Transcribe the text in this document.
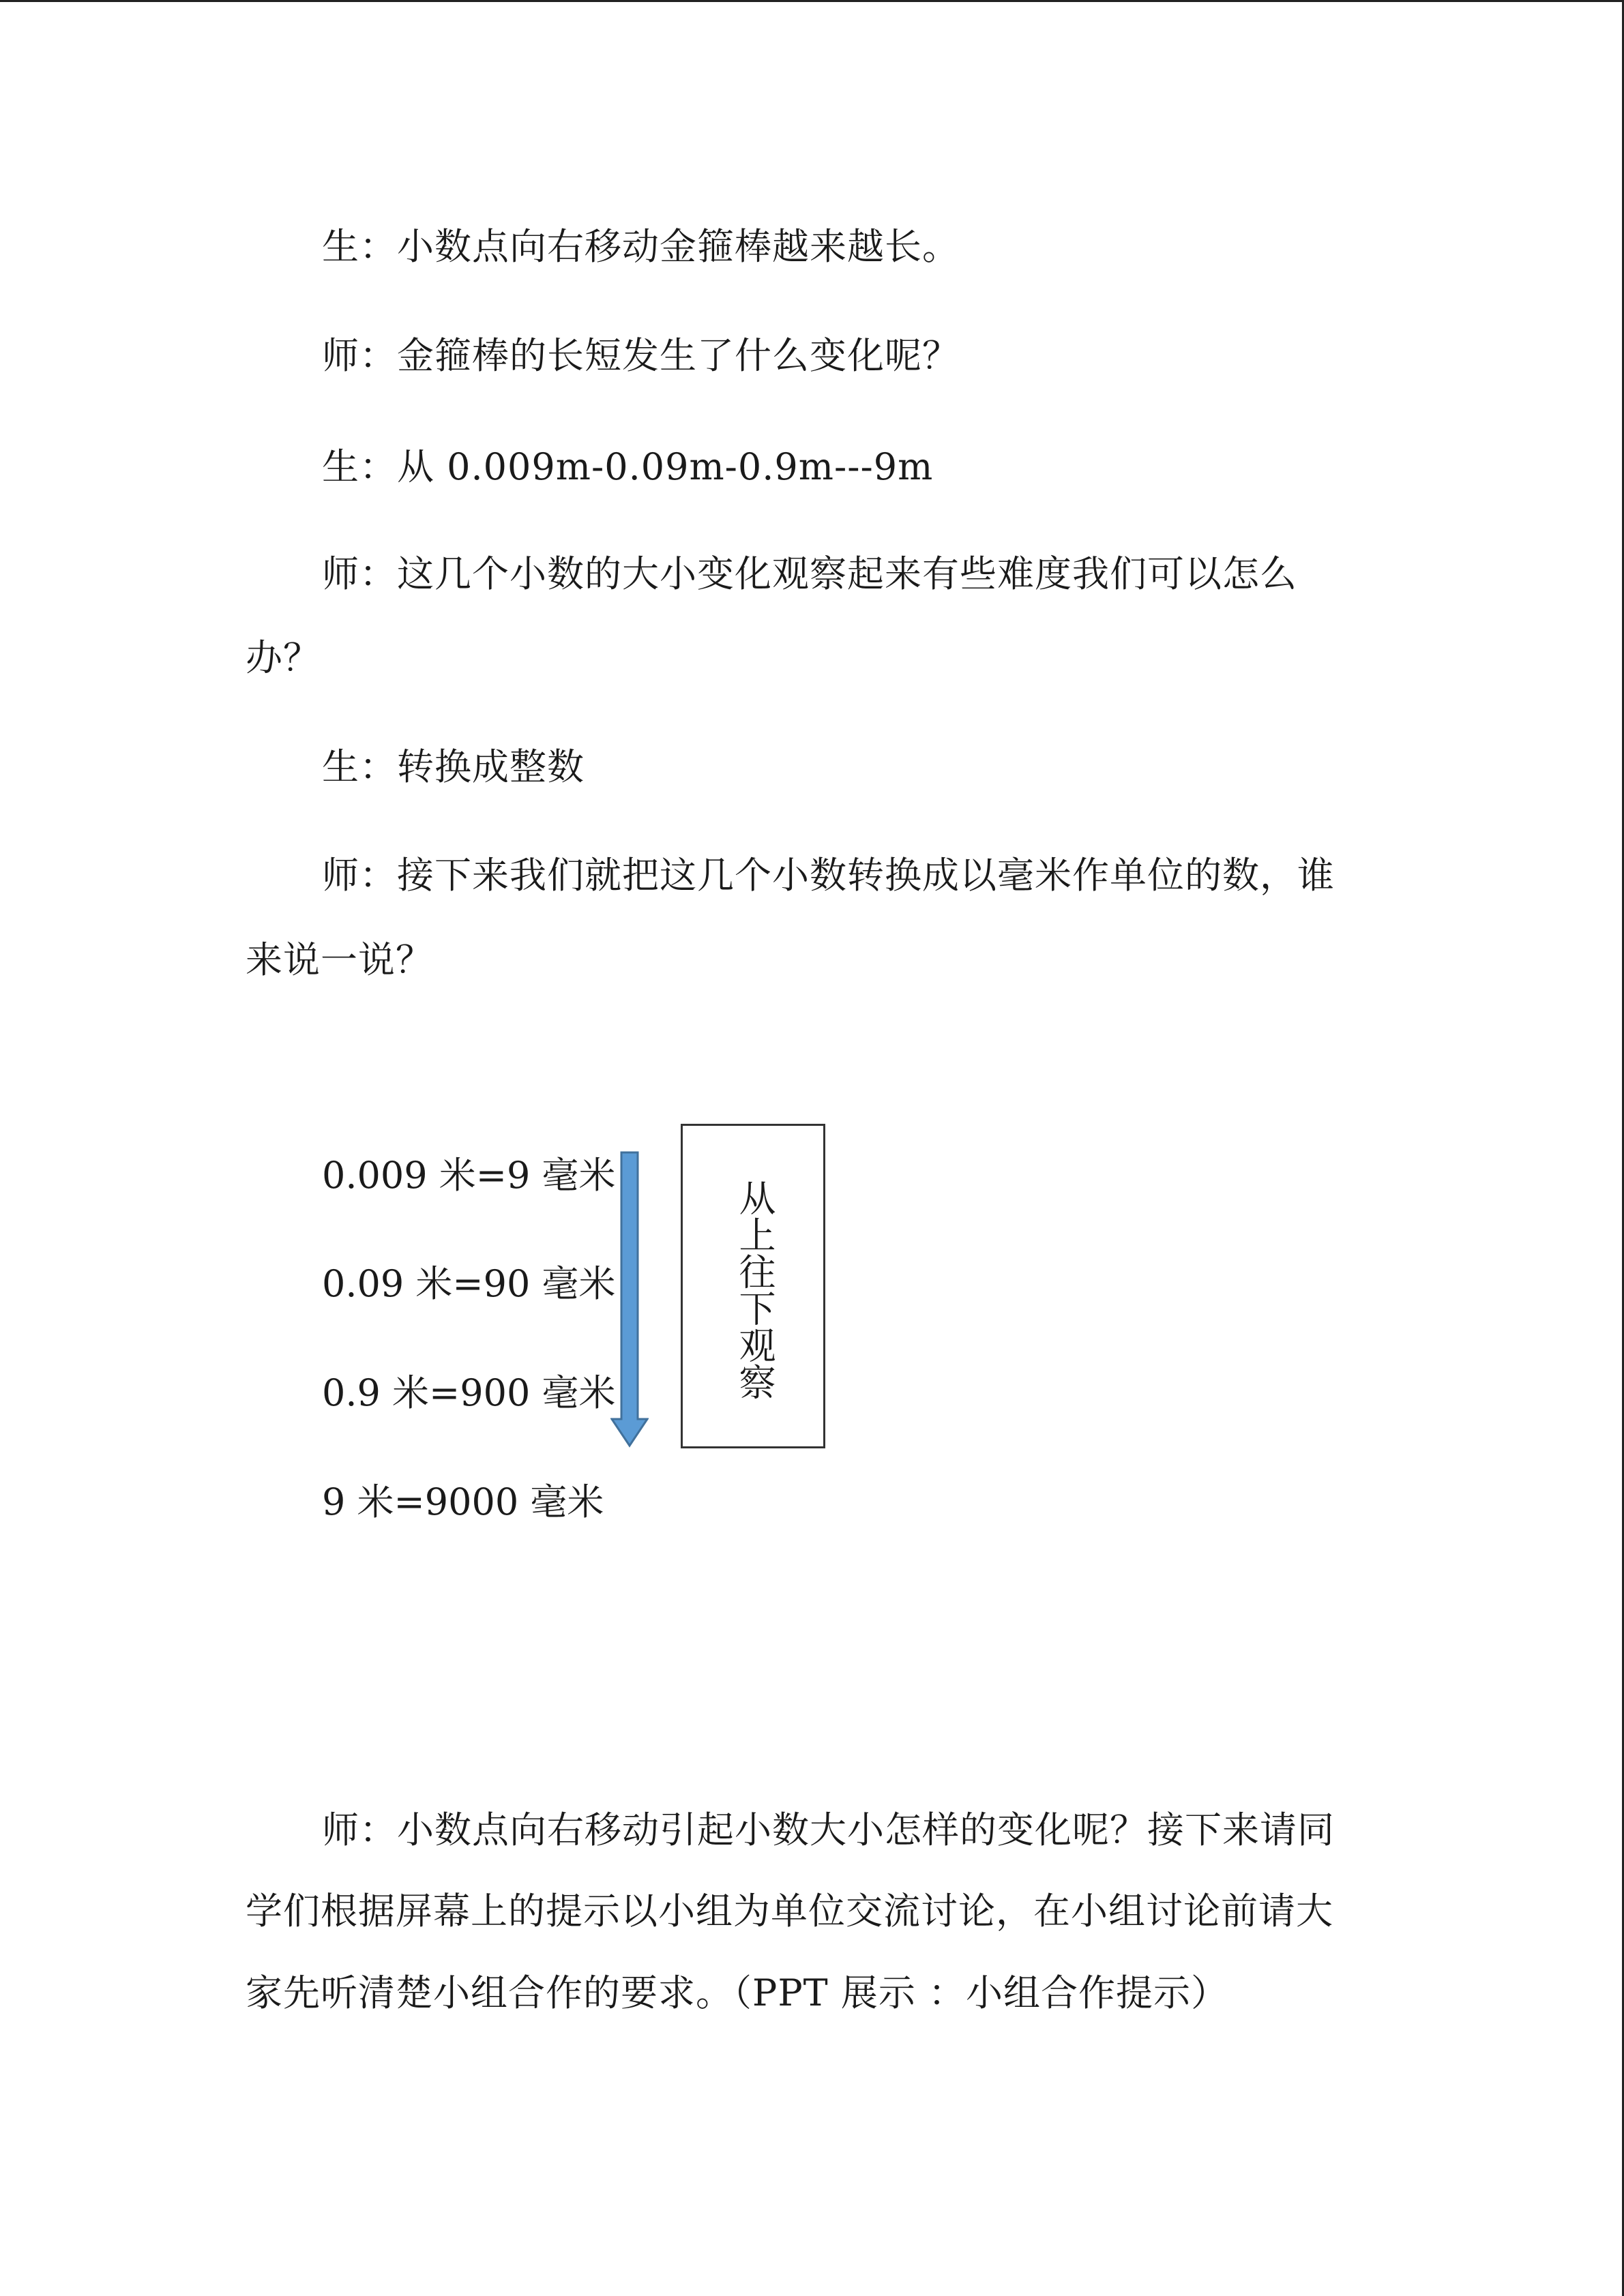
生：小数点向右移动金箍棒越来越长。
师：金箍棒的长短发生了什么变化呢？
生：从 0.009m-0.09m-0.9m---9m
师：这几个小数的大小变化观察起来有些难度我们可以怎么
办？
生：转换成整数
师：接下来我们就把这几个小数转换成以毫米作单位的数，谁
来说一说？
0.009 米=9 毫米
0.09 米=90 毫米
0.9 米=900 毫米
9 米=9000 毫米
从上往下观察
师：小数点向右移动引起小数大小怎样的变化呢？接下来请同
学们根据屏幕上的提示以小组为单位交流讨论，在小组讨论前请大
家先听清楚小组合作的要求。（PPT 展示 ：小组合作提示）
